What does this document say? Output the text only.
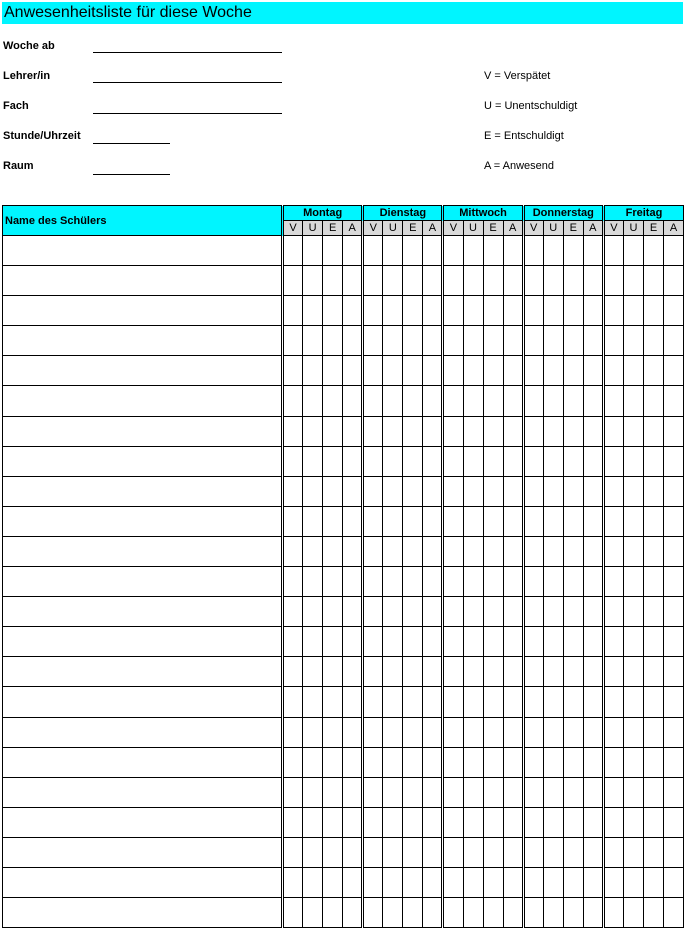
Anwesenheitsliste für diese Woche
Woche ab
Lehrer/in
Fach
Stunde/Uhrzeit
Raum
V = Verspätet
U = Unentschuldigt
E = Entschuldigt
A = Anwesend
Name des Schülers	Montag				Dienstag				Mittwoch				Donnerstag				Freitag			
	V	U	E	A	V	U	E	A	V	U	E	A	V	U	E	A	V	U	E	A
